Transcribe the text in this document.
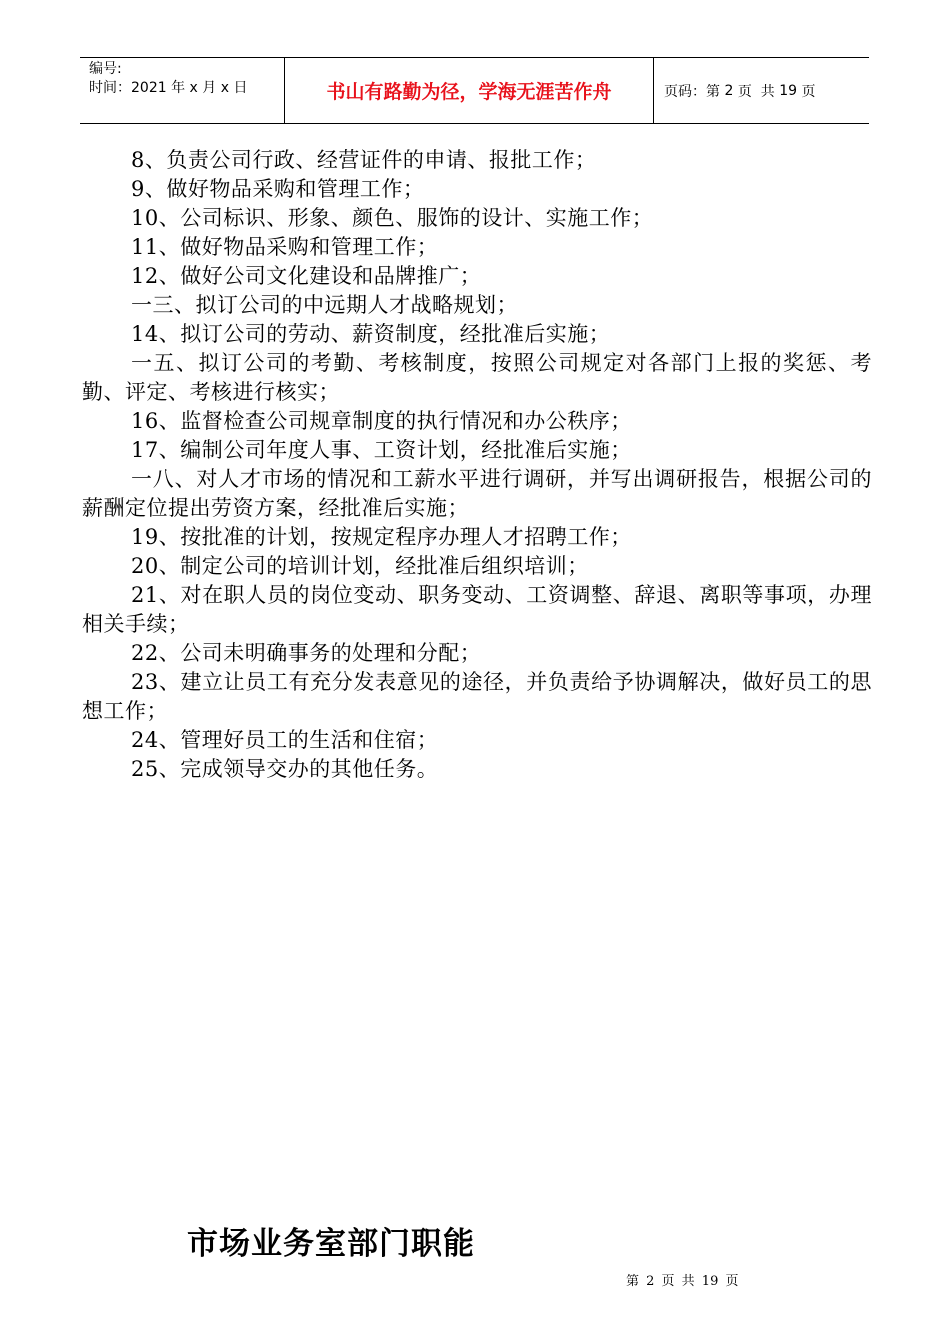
编号:
时间：2021 年 x 月 x 日	书山有路勤为径，学海无涯苦作舟	页码：第 2 页  共 19 页

8、负责公司行政、经营证件的申请、报批工作；

9、做好物品采购和管理工作；

10、公司标识、形象、颜色、服饰的设计、实施工作；

11、做好物品采购和管理工作；

12、做好公司文化建设和品牌推广；

一三、拟订公司的中远期人才战略规划；

14、拟订公司的劳动、薪资制度，经批准后实施；

一五、拟订公司的考勤、考核制度，按照公司规定对各部门上报的奖惩、考勤、评定、考核进行核实；

16、监督检查公司规章制度的执行情况和办公秩序；

17、编制公司年度人事、工资计划，经批准后实施；

一八、对人才市场的情况和工薪水平进行调研，并写出调研报告，根据公司的薪酬定位提出劳资方案，经批准后实施；

19、按批准的计划，按规定程序办理人才招聘工作；

20、制定公司的培训计划，经批准后组织培训；

21、对在职人员的岗位变动、职务变动、工资调整、辞退、离职等事项，办理相关手续；

22、公司未明确事务的处理和分配；

23、建立让员工有充分发表意见的途径，并负责给予协调解决，做好员工的思想工作；

24、管理好员工的生活和住宿；

25、完成领导交办的其他任务。

市场业务室部门职能
第 2 页 共 19 页
